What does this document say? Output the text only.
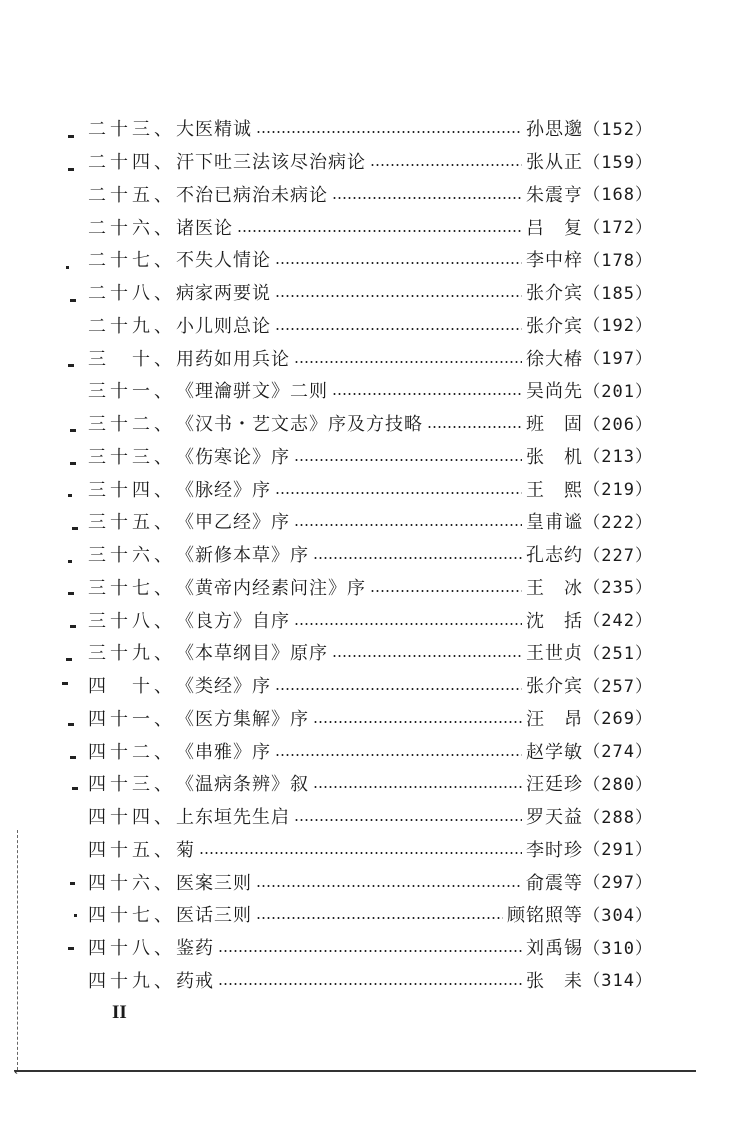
二十三、 大医精诚	孙思邈 （152）
二十四、 汗下吐三法该尽治病论	张从正 （159）
二十五、 不治已病治未病论	朱震亨 （168）
二十六、 诸医论	吕　复 （172）
二十七、 不失人情论	李中梓 （178）
二十八、 病家两要说	张介宾 （185）
二十九、 小儿则总论	张介宾 （192）
三　十、 用药如用兵论	徐大椿 （197）
三十一、 《理瀹骈文》二则	吴尚先 （201）
三十二、 《汉书・艺文志》序及方技略	班　固 （206）
三十三、 《伤寒论》序	张　机 （213）
三十四、 《脉经》序	王　熙 （219）
三十五、 《甲乙经》序	皇甫谧 （222）
三十六、 《新修本草》序	孔志约 （227）
三十七、 《黄帝内经素问注》序	王　冰 （235）
三十八、 《良方》自序	沈　括 （242）
三十九、 《本草纲目》原序	王世贞 （251）
四　十、 《类经》序	张介宾 （257）
四十一、 《医方集解》序	汪　昂 （269）
四十二、 《串雅》序	赵学敏 （274）
四十三、 《温病条辨》叙	汪廷珍 （280）
四十四、 上东垣先生启	罗天益 （288）
四十五、 菊	李时珍 （291）
四十六、 医案三则	俞震等 （297）
四十七、 医话三则	顾铭照等 （304）
四十八、 鉴药	刘禹锡 （310）
四十九、 药戒	张　耒 （314）
II
